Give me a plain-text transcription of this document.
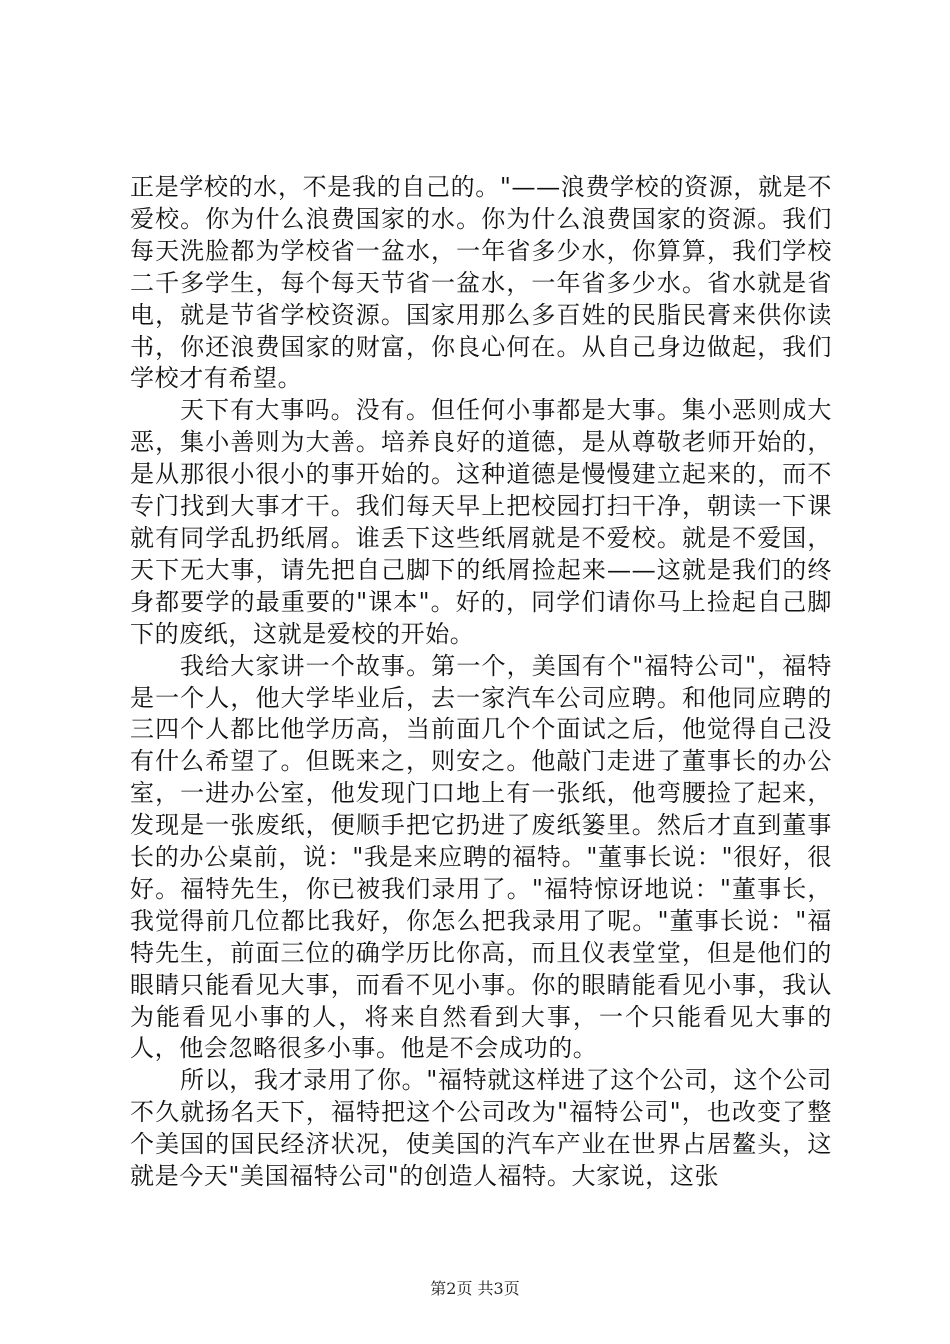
正是学校的水，不是我的自己的。"——浪费学校的资源，就是不爱校。你为什么浪费国家的水。你为什么浪费国家的资源。我们每天洗脸都为学校省一盆水，一年省多少水，你算算，我们学校二千多学生，每个每天节省一盆水，一年省多少水。省水就是省电，就是节省学校资源。国家用那么多百姓的民脂民膏来供你读书，你还浪费国家的财富，你良心何在。从自己身边做起，我们学校才有希望。

天下有大事吗。没有。但任何小事都是大事。集小恶则成大恶，集小善则为大善。培养良好的道德，是从尊敬老师开始的，是从那很小很小的事开始的。这种道德是慢慢建立起来的，而不专门找到大事才干。我们每天早上把校园打扫干净，朝读一下课就有同学乱扔纸屑。谁丢下这些纸屑就是不爱校。就是不爱国，天下无大事，请先把自己脚下的纸屑捡起来——这就是我们的终身都要学的最重要的"课本"。好的，同学们请你马上捡起自己脚下的废纸，这就是爱校的开始。

我给大家讲一个故事。第一个，美国有个"福特公司"，福特是一个人，他大学毕业后，去一家汽车公司应聘。和他同应聘的三四个人都比他学历高，当前面几个个面试之后，他觉得自己没有什么希望了。但既来之，则安之。他敲门走进了董事长的办公室，一进办公室，他发现门口地上有一张纸，他弯腰捡了起来，发现是一张废纸，便顺手把它扔进了废纸篓里。然后才直到董事长的办公桌前，说："我是来应聘的福特。"董事长说："很好，很好。福特先生，你已被我们录用了。"福特惊讶地说："董事长，我觉得前几位都比我好，你怎么把我录用了呢。"董事长说："福特先生，前面三位的确学历比你高，而且仪表堂堂，但是他们的眼睛只能看见大事，而看不见小事。你的眼睛能看见小事，我认为能看见小事的人，将来自然看到大事，一个只能看见大事的人，他会忽略很多小事。他是不会成功的。

所以，我才录用了你。"福特就这样进了这个公司，这个公司不久就扬名天下，福特把这个公司改为"福特公司"，也改变了整个美国的国民经济状况，使美国的汽车产业在世界占居鳌头，这就是今天"美国福特公司"的创造人福特。大家说，这张

第2页 共3页
